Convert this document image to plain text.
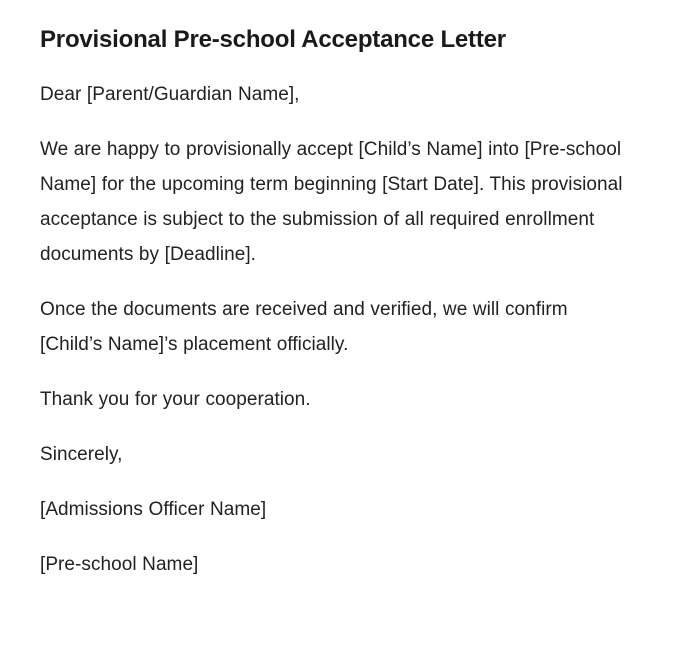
Provisional Pre-school Acceptance Letter

Dear [Parent/Guardian Name],

We are happy to provisionally accept [Child’s Name] into [Pre-school Name] for the upcoming term beginning [Start Date]. This provisional acceptance is subject to the submission of all required enrollment documents by [Deadline].

Once the documents are received and verified, we will confirm [Child’s Name]’s placement officially.

Thank you for your cooperation.

Sincerely,

[Admissions Officer Name]

[Pre-school Name]
